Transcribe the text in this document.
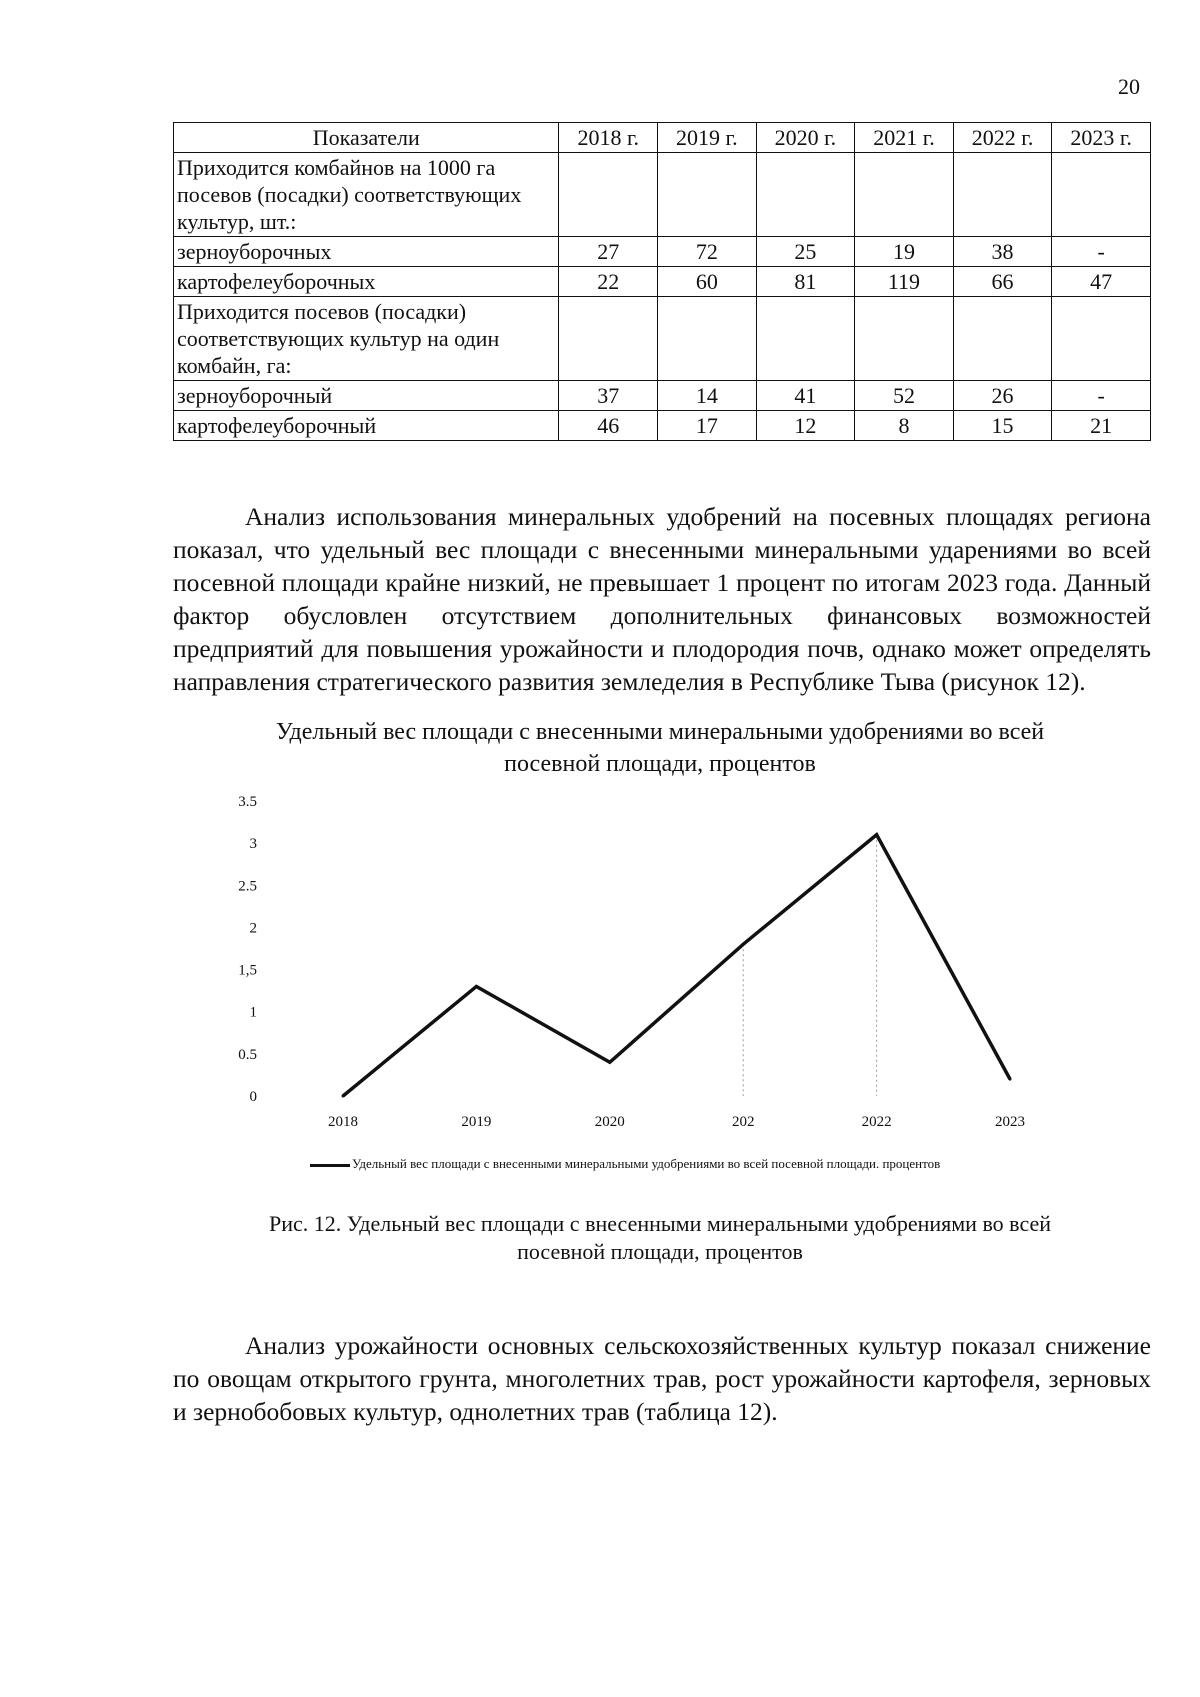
20
Показатели	2018 г.	2019 г.	2020 г.	2021 г.	2022 г.	2023 г.
Приходится комбайнов на 1000 га посевов (посадки) соответствующих культур, шт.:						
зерноуборочных	27	72	25	19	38	-
картофелеуборочных	22	60	81	119	66	47
Приходится посевов (посадки) соответствующих культур на один комбайн, га:						
зерноуборочный	37	14	41	52	26	-
картофелеуборочный	46	17	12	8	15	21

Анализ использования минеральных удобрений на посевных площадях региона показал, что удельный вес площади с внесенными минеральными ударениями во всей посевной площади крайне низкий, не превышает 1 процент по итогам 2023 года. Данный фактор обусловлен отсутствием дополнительных финансовых возможностей предприятий для повышения урожайности и плодородия почв, однако может определять направления стратегического развития земледелия в Республике Тыва (рисунок 12).

Удельный вес площади с внесенными минеральными удобрениями во всей посевной площади, процентов
0
0.5
1
1,5
2
2.5
3
3.5
2018	2019	2020	202	2022	2023
Удельный вес площади с внесенными минеральными удобрениями во всей посевной площади. процентов
Рис. 12. Удельный вес площади с внесенными минеральными удобрениями во всей посевной площади, процентов

Анализ урожайности основных сельскохозяйственных культур показал снижение по овощам открытого грунта, многолетних трав, рост урожайности картофеля, зерновых и зернобобовых культур, однолетних трав (таблица 12).
